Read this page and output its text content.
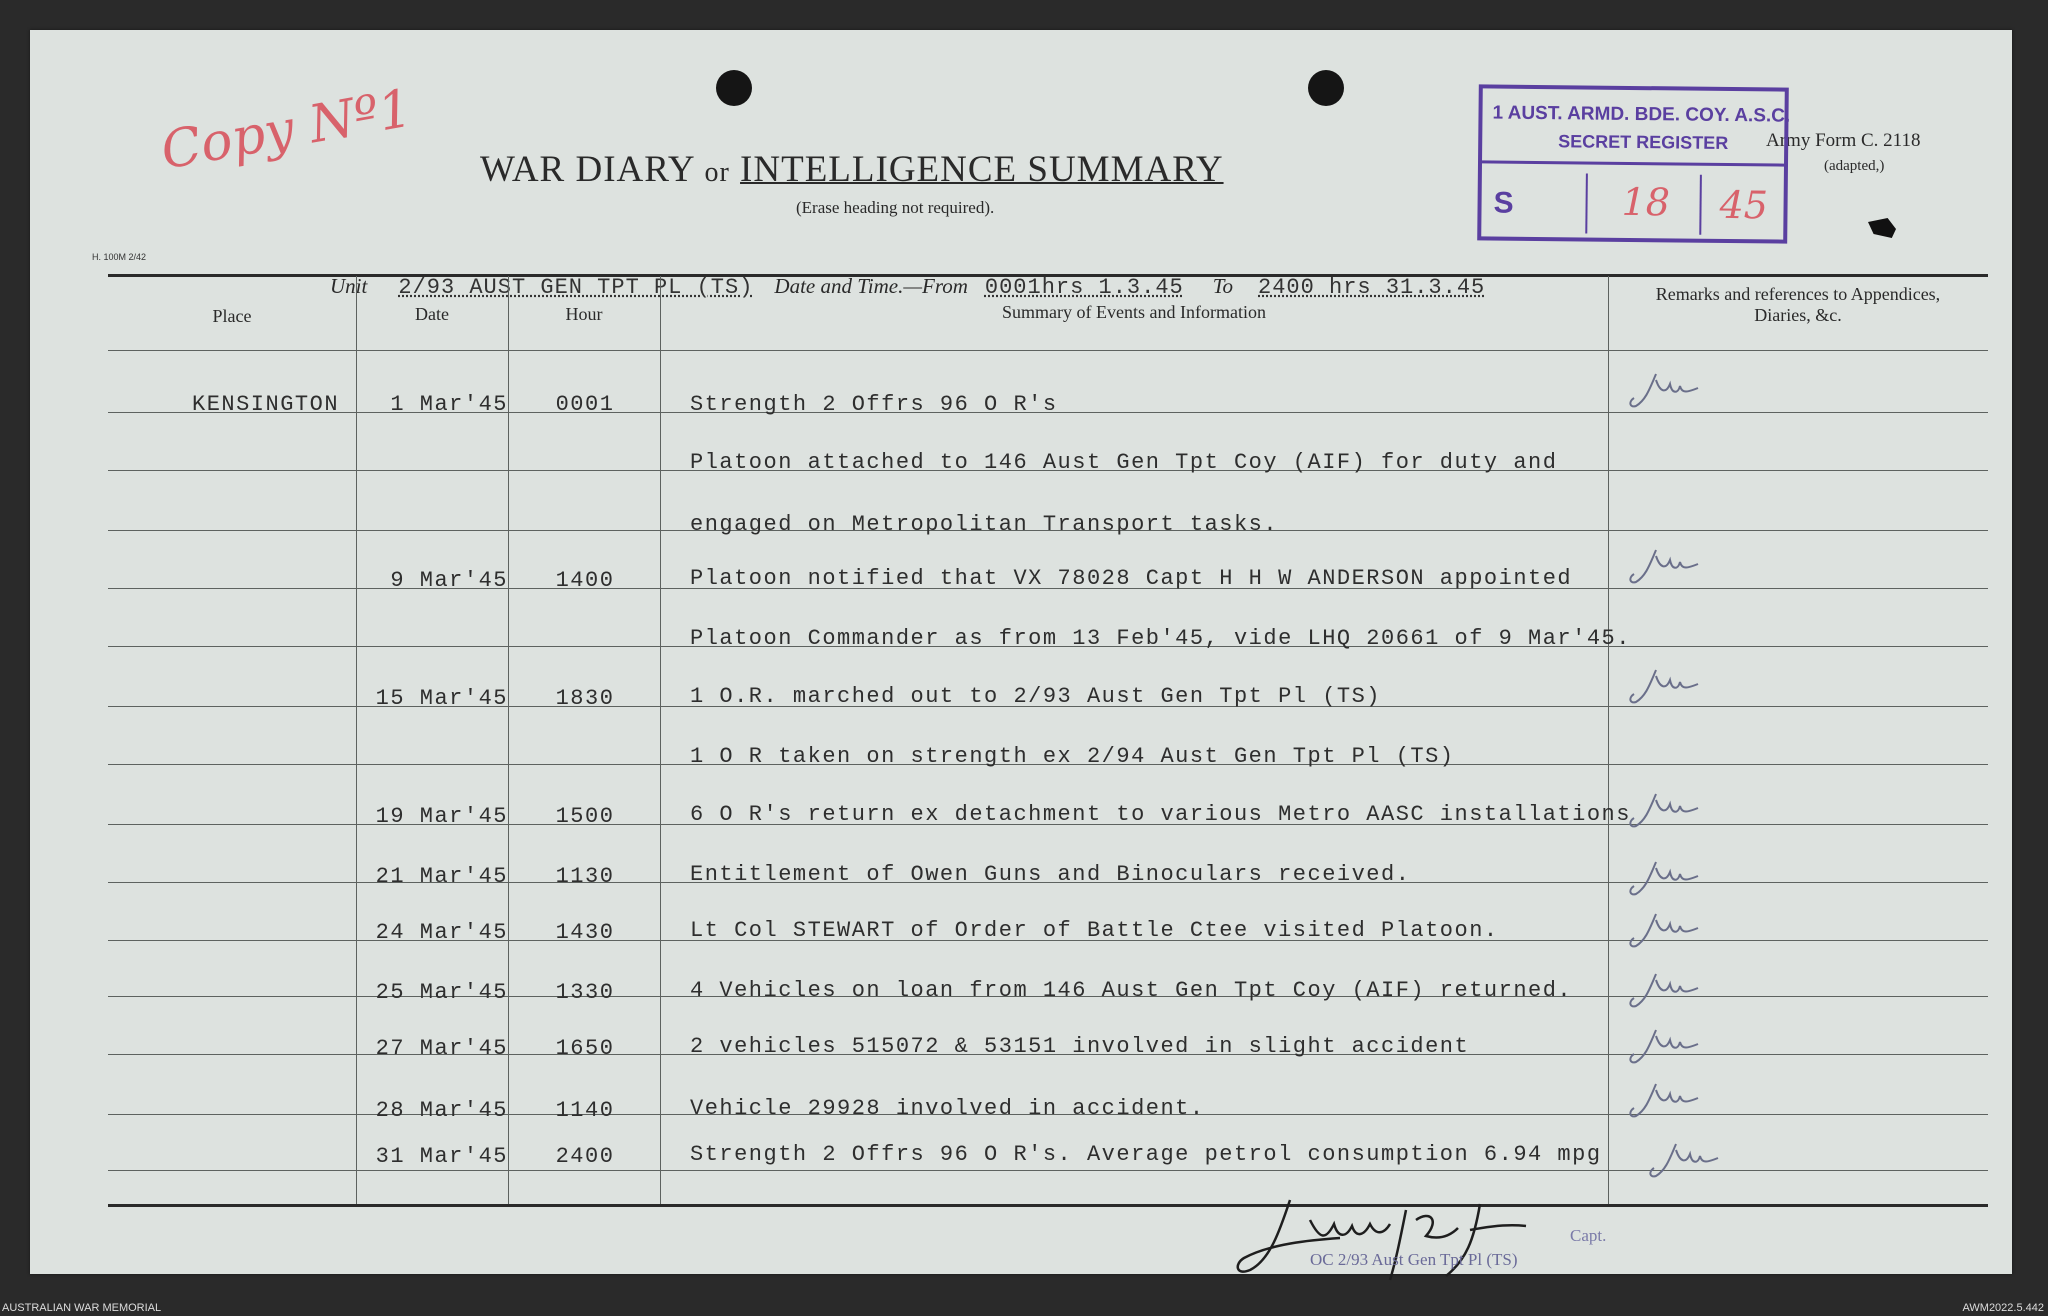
Copy Nº1 WAR DIARY or INTELLIGENCE SUMMARY
(Erase heading not required).
Army Form C. 2118
(adapted,)
H. 100M 2/42
1 AUST. ARMD. BDE. COY. A.S.C.
SECRET REGISTER
S	18 45
Unit 2/93 AUST GEN TPT PL (TS) Date and Time.—From 0001hrs 1.3.45 To 2400 hrs 31.3.45
Place	Date	Hour	Summary of Events and Information
Remarks and references to Appendices, Diaries, &c.
KENSINGTON	1 Mar'45	0001	Strength 2 Offrs 96 O R's
Platoon attached to 146 Aust Gen Tpt Coy (AIF) for duty and
engaged on Metropolitan Transport tasks.
9 Mar'45	1400	Platoon notified that VX 78028 Capt H H W ANDERSON appointed
Platoon Commander as from 13 Feb'45, vide LHQ 20661 of 9 Mar'45.
15 Mar'45	1830	1 O.R. marched out to 2/93 Aust Gen Tpt Pl (TS)
1 O R taken on strength ex 2/94 Aust Gen Tpt Pl (TS)
19 Mar'45	1500	6 O R's return ex detachment to various Metro AASC installations
21 Mar'45	1130	Entitlement of Owen Guns and Binoculars received.
24 Mar'45	1430	Lt Col STEWART of Order of Battle Ctee visited Platoon.
25 Mar'45	1330	4 Vehicles on loan from 146 Aust Gen Tpt Coy (AIF) returned.
27 Mar'45	1650	2 vehicles 515072 & 53151 involved in slight accident
28 Mar'45	1140	Vehicle 29928 involved in accident.
31 Mar'45	2400	Strength 2 Offrs 96 O R's. Average petrol consumption 6.94 mpg
Capt.
OC 2/93 Aust Gen Tpt Pl (TS)
AUSTRALIAN WAR MEMORIAL	AWM2022.5.442
